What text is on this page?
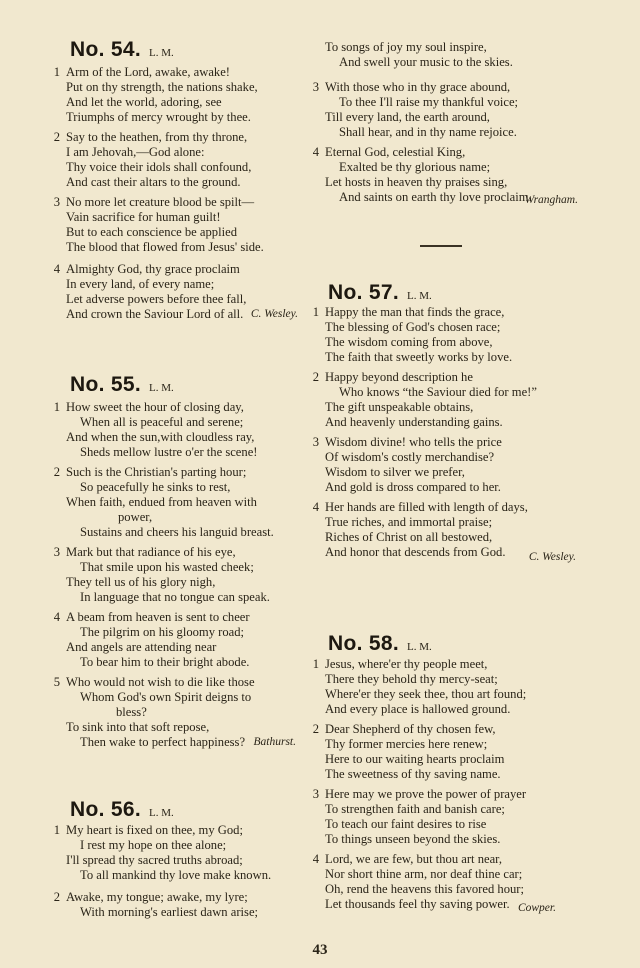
No. 54. L. M.
1 Arm of the Lord, awake, awake!
Put on thy strength, the nations shake,
And let the world, adoring, see
Triumphs of mercy wrought by thee.
2 Say to the heathen, from thy throne,
I am Jehovah,—God alone:
Thy voice their idols shall confound,
And cast their altars to the ground.
3 No more let creature blood be spilt—
Vain sacrifice for human guilt!
But to each conscience be applied
The blood that flowed from Jesus' side.
4 Almighty God, thy grace proclaim
In every land, of every name;
Let adverse powers before thee fall,
And crown the Saviour Lord of all. C. Wesley.
No. 55. L. M.
1 How sweet the hour of closing day,
When all is peaceful and serene;
And when the sun,with cloudless ray,
Sheds mellow lustre o'er the scene!
2 Such is the Christian's parting hour;
So peacefully he sinks to rest,
When faith, endued from heaven with
power,
Sustains and cheers his languid breast.
3 Mark but that radiance of his eye,
That smile upon his wasted cheek;
They tell us of his glory nigh,
In language that no tongue can speak.
4 A beam from heaven is sent to cheer
The pilgrim on his gloomy road;
And angels are attending near
To bear him to their bright abode.
5 Who would not wish to die like those
Whom God's own Spirit deigns to
bless?
To sink into that soft repose,
Then wake to perfect happiness? Bathurst.
No. 56. L. M.
1 My heart is fixed on thee, my God;
I rest my hope on thee alone;
I'll spread thy sacred truths abroad;
To all mankind thy love make known.
2 Awake, my tongue; awake, my lyre;
With morning's earliest dawn arise;
To songs of joy my soul inspire,
And swell your music to the skies.
3 With those who in thy grace abound,
To thee I'll raise my thankful voice;
Till every land, the earth around,
Shall hear, and in thy name rejoice.
4 Eternal God, celestial King,
Exalted be thy glorious name;
Let hosts in heaven thy praises sing,
And saints on earth thy love proclaim.
Wrangham.
No. 57. L. M.
1 Happy the man that finds the grace,
The blessing of God's chosen race;
The wisdom coming from above,
The faith that sweetly works by love.
2 Happy beyond description he
Who knows “the Saviour died for me!”
The gift unspeakable obtains,
And heavenly understanding gains.
3 Wisdom divine! who tells the price
Of wisdom's costly merchandise?
Wisdom to silver we prefer,
And gold is dross compared to her.
4 Her hands are filled with length of days,
True riches, and immortal praise;
Riches of Christ on all bestowed,
And honor that descends from God. C. Wesley.
No. 58. L. M.
1 Jesus, where'er thy people meet,
There they behold thy mercy-seat;
Where'er they seek thee, thou art found;
And every place is hallowed ground.
2 Dear Shepherd of thy chosen few,
Thy former mercies here renew;
Here to our waiting hearts proclaim
The sweetness of thy saving name.
3 Here may we prove the power of prayer
To strengthen faith and banish care;
To teach our faint desires to rise
To things unseen beyond the skies.
4 Lord, we are few, but thou art near,
Nor short thine arm, nor deaf thine car;
Oh, rend the heavens this favored hour;
Let thousands feel thy saving power. Cowper.
43
